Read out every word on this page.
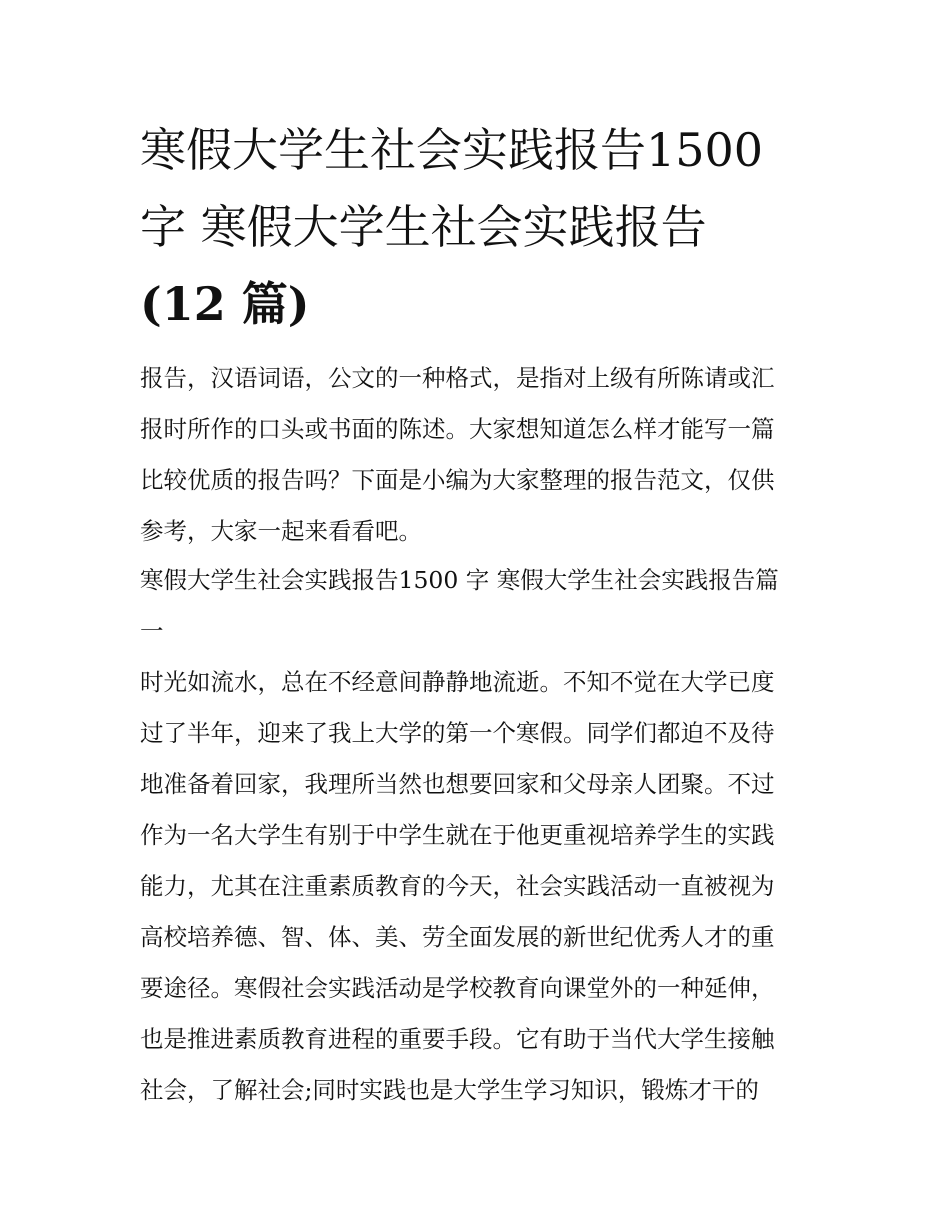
寒假大学生社会实践报告1500
字 寒假大学生社会实践报告
(12 篇)
报告，汉语词语，公文的一种格式，是指对上级有所陈请或汇
报时所作的口头或书面的陈述。大家想知道怎么样才能写一篇
比较优质的报告吗？下面是小编为大家整理的报告范文，仅供
参考，大家一起来看看吧。
寒假大学生社会实践报告1500 字 寒假大学生社会实践报告篇
一
时光如流水，总在不经意间静静地流逝。不知不觉在大学已度
过了半年，迎来了我上大学的第一个寒假。同学们都迫不及待
地准备着回家，我理所当然也想要回家和父母亲人团聚。不过
作为一名大学生有别于中学生就在于他更重视培养学生的实践
能力，尤其在注重素质教育的今天，社会实践活动一直被视为
高校培养德、智、体、美、劳全面发展的新世纪优秀人才的重
要途径。寒假社会实践活动是学校教育向课堂外的一种延伸，
也是推进素质教育进程的重要手段。它有助于当代大学生接触
社会，了解社会;同时实践也是大学生学习知识，锻炼才干的
